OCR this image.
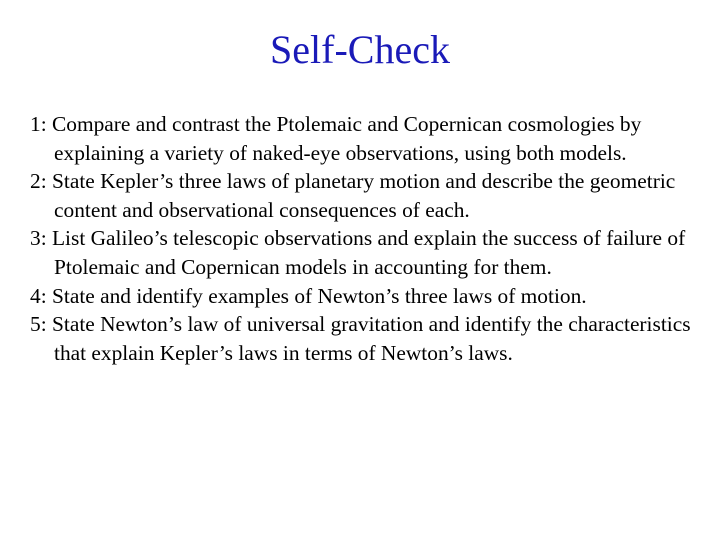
Self-Check
1: Compare and contrast the Ptolemaic and Copernican cosmologies by explaining a variety of naked-eye observations, using both models.
2: State Kepler’s three laws of planetary motion and describe the geometric content and observational consequences of each.
3: List Galileo’s telescopic observations and explain the success of failure of Ptolemaic and Copernican models in accounting for them.
4: State and identify examples of Newton’s three laws of motion.
5: State Newton’s law of universal gravitation and identify the characteristics that explain Kepler’s laws in terms of Newton’s laws.
